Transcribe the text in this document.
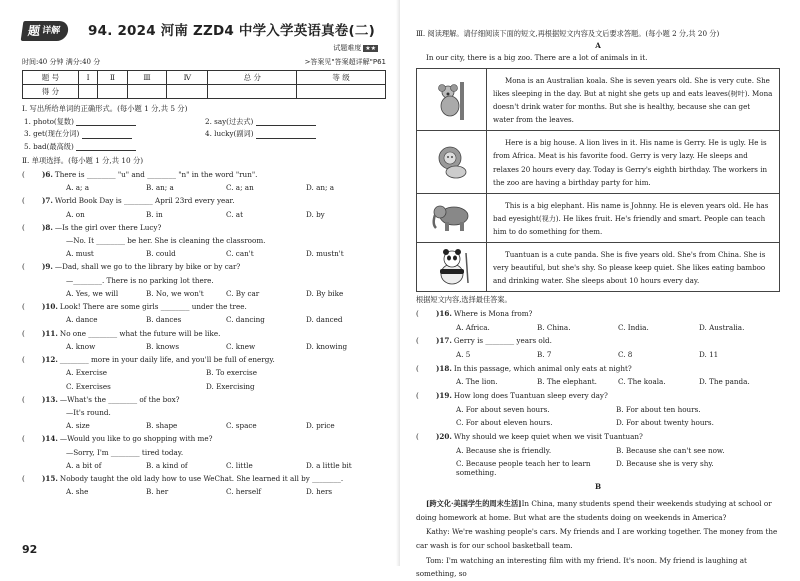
题 详解 94. 2024 河南 ZZD4 中学入学英语真卷(二)
试题难度 ★★
时间:40 分钟 满分:40 分	>答案见"答案超详解"P61
题 号	Ⅰ	Ⅱ	Ⅲ	Ⅳ	总 分	等 级
得 分						
Ⅰ. 写出所给单词的正确形式。(每小题 1 分,共 5 分)
1. photo(复数)	2. say(过去式)
3. get(现在分词)	4. lucky(副词)
5. bad(最高级)
Ⅱ. 单项选择。(每小题 1 分,共 10 分)
(	)6. There is ________ "u" and ________ "n" in the word "run".
A. a; a	B. an; a	C. a; an	D. an; a
(	)7. World Book Day is ________ April 23rd every year.
A. on	B. in	C. at	D. by
(	)8. —Is the girl over there Lucy?
—No. It ________ be her. She is cleaning the classroom.
A. must	B. could	C. can't	D. mustn't
(	)9. —Dad, shall we go to the library by bike or by car?
—________. There is no parking lot there.
A. Yes, we will	B. No, we won't	C. By car	D. By bike
(	)10. Look! There are some girls ________ under the tree.
A. dance	B. dances	C. dancing	D. danced
(	)11. No one ________ what the future will be like.
A. know	B. knows	C. knew	D. knowing
(	)12. ________ more in your daily life, and you'll be full of energy.
A. Exercise	B. To exercise
C. Exercises	D. Exercising
(	)13. —What's the ________ of the box?
—It's round.
A. size	B. shape	C. space	D. price
(	)14. —Would you like to go shopping with me?
—Sorry, I'm ________ tired today.
A. a bit of	B. a kind of	C. little	D. a little bit
(	)15. Nobody taught the old lady how to use WeChat. She learned it all by ________.
A. she	B. her	C. herself	D. hers
92
Ⅲ. 阅读理解。请仔细阅读下面的短文,再根据短文内容及文后要求答题。(每小题 2 分,共 20 分)
A
In our city, there is a big zoo. There are a lot of animals in it.
Mona is an Australian koala. She is seven years old. She is very cute. She likes sleeping in the day. But at night she gets up and eats leaves(树叶). Mona doesn't drink water for months. But she is healthy, because she can get water from the leaves.
Here is a big house. A lion lives in it. His name is Gerry. He is ugly. He is from Africa. Meat is his favorite food. Gerry is very lazy. He sleeps and relaxes 20 hours every day. Today is Gerry's eighth birthday. The workers in the zoo are having a birthday party for him.
This is a big elephant. His name is Johnny. He is eleven years old. He has bad eyesight(视力). He likes fruit. He's friendly and smart. People can teach him to do something for them.
Tuantuan is a cute panda. She is five years old. She's from China. She is very beautiful, but she's shy. So please keep quiet. She likes eating bamboo and drinking water. She sleeps about 10 hours every day.
根据短文内容,选择最佳答案。
(	)16. Where is Mona from?
A. Africa.	B. China.	C. India.	D. Australia.
(	)17. Gerry is ________ years old.
A. 5	B. 7	C. 8	D. 11
(	)18. In this passage, which animal only eats at night?
A. The lion.	B. The elephant.	C. The koala.	D. The panda.
(	)19. How long does Tuantuan sleep every day?
A. For about seven hours.	B. For about ten hours.
C. For about eleven hours.	D. For about twenty hours.
(	)20. Why should we keep quiet when we visit Tuantuan?
A. Because she is friendly.	B. Because she can't see now.
C. Because people teach her to learn something.
D. Because she is very shy.
B
[跨文化·美国学生的周末生活]In China, many students spend their weekends studying at school or doing homework at home. But what are the students doing on weekends in America?
Kathy: We're washing people's cars. My friends and I are working together. The money from the car wash is for our school basketball team.
Tom: I'm watching an interesting film with my friend. It's noon. My friend is laughing at something, so
